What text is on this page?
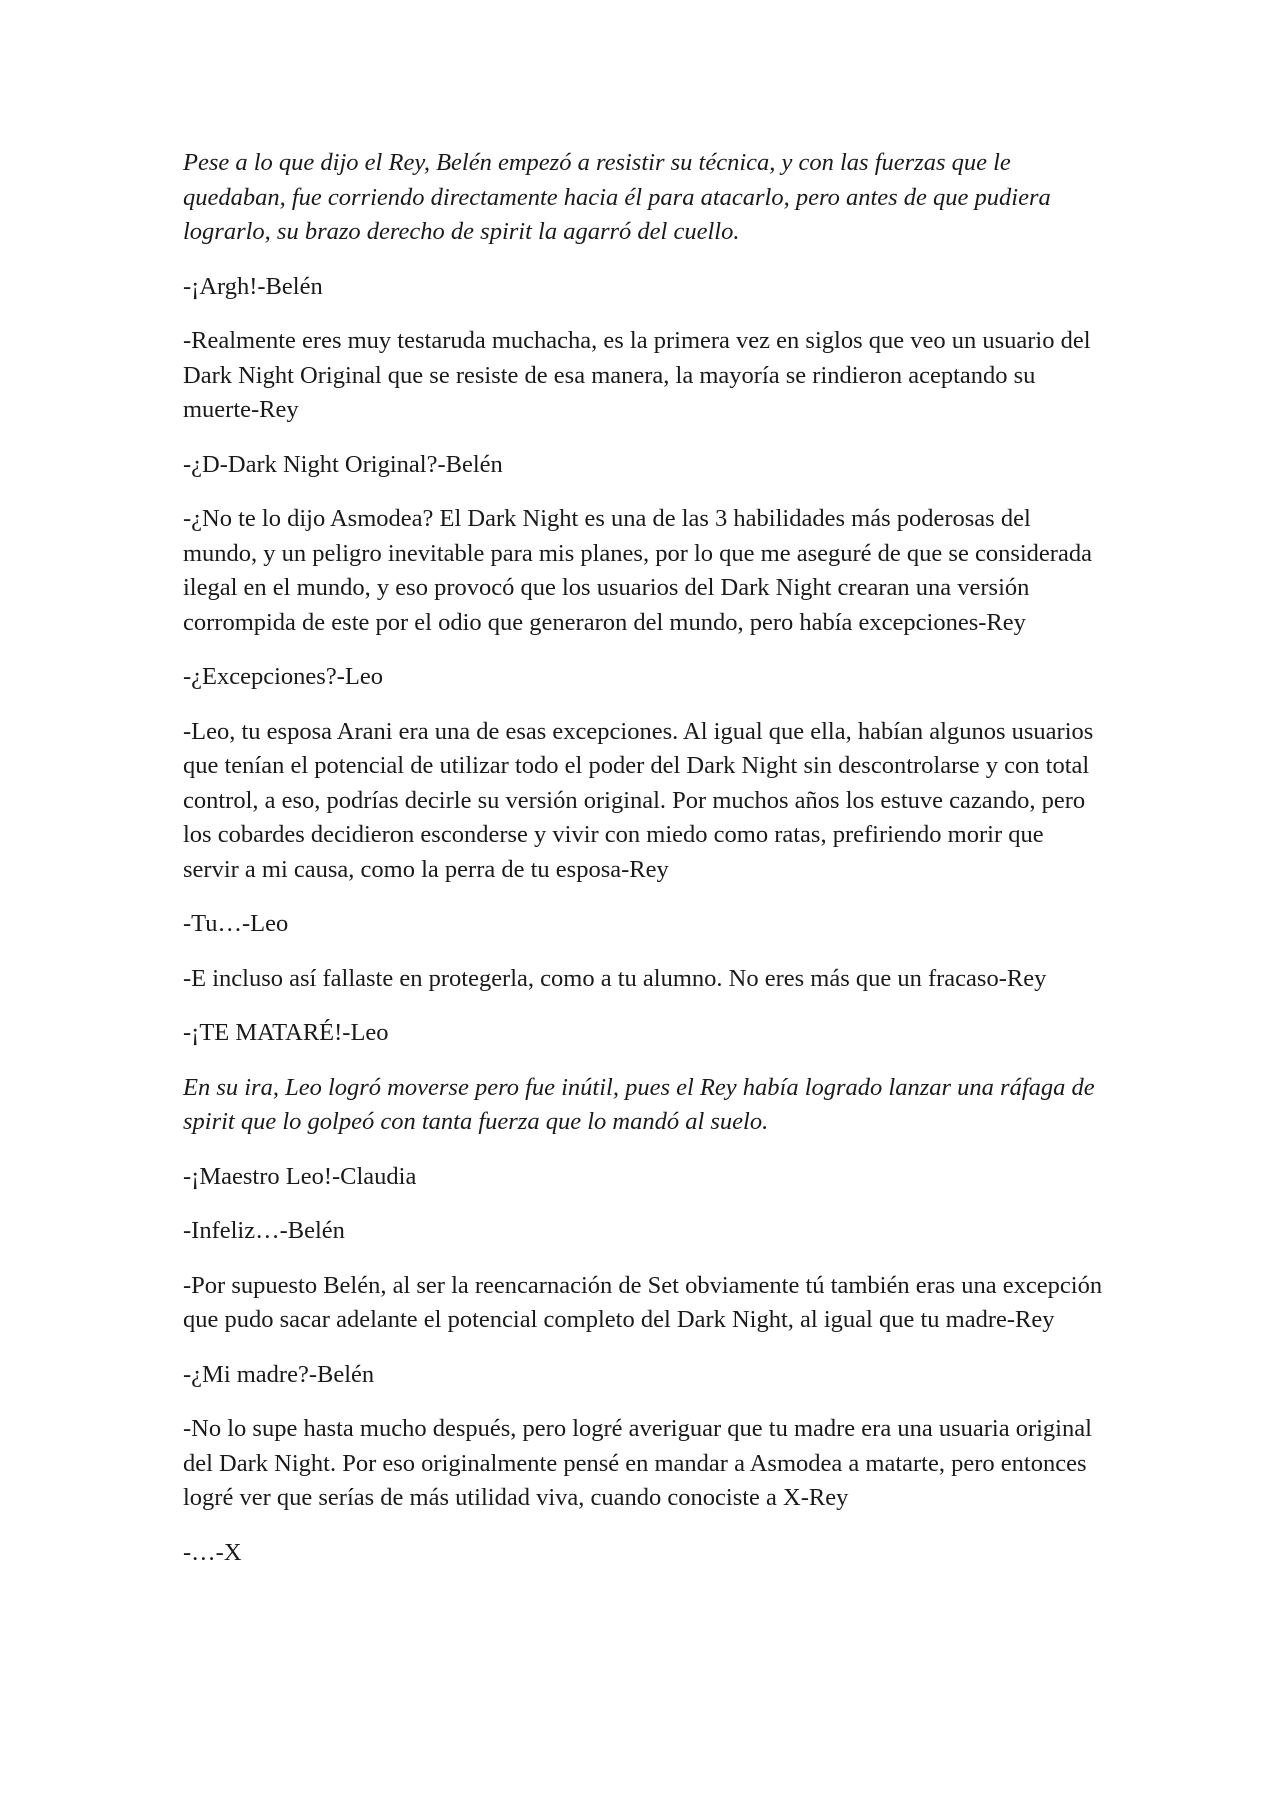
Pese a lo que dijo el Rey, Belén empezó a resistir su técnica, y con las fuerzas que le quedaban, fue corriendo directamente hacia él para atacarlo, pero antes de que pudiera lograrlo, su brazo derecho de spirit la agarró del cuello.

-¡Argh!-Belén

-Realmente eres muy testaruda muchacha, es la primera vez en siglos que veo un usuario del Dark Night Original que se resiste de esa manera, la mayoría se rindieron aceptando su muerte-Rey

-¿D-Dark Night Original?-Belén

-¿No te lo dijo Asmodea? El Dark Night es una de las 3 habilidades más poderosas del mundo, y un peligro inevitable para mis planes, por lo que me aseguré de que se considerada ilegal en el mundo, y eso provocó que los usuarios del Dark Night crearan una versión corrompida de este por el odio que generaron del mundo, pero había excepciones-Rey

-¿Excepciones?-Leo

-Leo, tu esposa Arani era una de esas excepciones. Al igual que ella, habían algunos usuarios que tenían el potencial de utilizar todo el poder del Dark Night sin descontrolarse y con total control, a eso, podrías decirle su versión original. Por muchos años los estuve cazando, pero los cobardes decidieron esconderse y vivir con miedo como ratas, prefiriendo morir que servir a mi causa, como la perra de tu esposa-Rey

-Tu…-Leo

-E incluso así fallaste en protegerla, como a tu alumno. No eres más que un fracaso-Rey

-¡TE MATARÉ!-Leo

En su ira, Leo logró moverse pero fue inútil, pues el Rey había logrado lanzar una ráfaga de spirit que lo golpeó con tanta fuerza que lo mandó al suelo.

-¡Maestro Leo!-Claudia

-Infeliz…-Belén

-Por supuesto Belén, al ser la reencarnación de Set obviamente tú también eras una excepción que pudo sacar adelante el potencial completo del Dark Night, al igual que tu madre-Rey

-¿Mi madre?-Belén

-No lo supe hasta mucho después, pero logré averiguar que tu madre era una usuaria original del Dark Night. Por eso originalmente pensé en mandar a Asmodea a matarte, pero entonces logré ver que serías de más utilidad viva, cuando conociste a X-Rey

-…-X
